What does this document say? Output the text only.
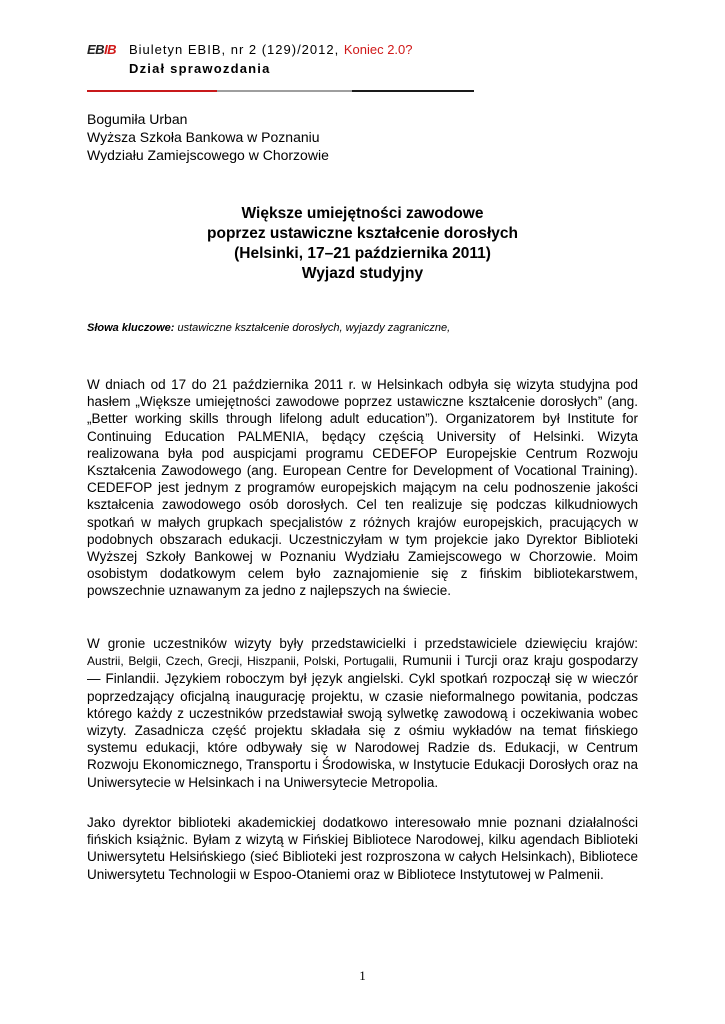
EBIB Biuletyn EBIB, nr 2 (129)/2012, Koniec 2.0?
Dział sprawozdania
Bogumiła Urban
Wyższa Szkoła Bankowa w Poznaniu
Wydziału Zamiejscowego w Chorzowie
Większe umiejętności zawodowe
poprzez ustawiczne kształcenie dorosłych
(Helsinki, 17–21 października 2011)
Wyjazd studyjny
Słowa kluczowe: ustawiczne kształcenie dorosłych, wyjazdy zagraniczne,
W dniach od 17 do 21 października 2011 r. w Helsinkach odbyła się wizyta studyjna pod hasłem „Większe umiejętności zawodowe poprzez ustawiczne kształcenie dorosłych” (ang. „Better working skills through lifelong adult education”). Organizatorem był Institute for Continuing Education PALMENIA, będący częścią University of Helsinki. Wizyta realizowana była pod auspicjami programu CEDEFOP Europejskie Centrum Rozwoju Kształcenia Zawodowego (ang. European Centre for Development of Vocational Training). CEDEFOP jest jednym z programów europejskich mającym na celu podnoszenie jakości kształcenia zawodowego osób dorosłych. Cel ten realizuje się podczas kilkudniowych spotkań w małych grupkach specjalistów z różnych krajów europejskich, pracujących w podobnych obszarach edukacji. Uczestniczyłam w tym projekcie jako Dyrektor Biblioteki Wyższej Szkoły Bankowej w Poznaniu Wydziału Zamiejscowego w Chorzowie. Moim osobistym dodatkowym celem było zaznajomienie się z fińskim bibliotekarstwem, powszechnie uznawanym za jedno z najlepszych na świecie.
W gronie uczestników wizyty były przedstawicielki i przedstawiciele dziewięciu krajów: Austrii, Belgii, Czech, Grecji, Hiszpanii, Polski, Portugalii, Rumunii i Turcji oraz kraju gospodarzy — Finlandii. Językiem roboczym był język angielski. Cykl spotkań rozpoczął się w wieczór poprzedzający oficjalną inaugurację projektu, w czasie nieformalnego powitania, podczas którego każdy z uczestników przedstawiał swoją sylwetkę zawodową i oczekiwania wobec wizyty. Zasadnicza część projektu składała się z ośmiu wykładów na temat fińskiego systemu edukacji, które odbywały się w Narodowej Radzie ds. Edukacji, w Centrum Rozwoju Ekonomicznego, Transportu i Środowiska, w Instytucie Edukacji Dorosłych oraz na Uniwersytecie w Helsinkach i na Uniwersytecie Metropolia.
Jako dyrektor biblioteki akademickiej dodatkowo interesowało mnie poznani działalności fińskich książnic. Byłam z wizytą w Fińskiej Bibliotece Narodowej, kilku agendach Biblioteki Uniwersytetu Helsińskiego (sieć Biblioteki jest rozproszona w całych Helsinkach), Bibliotece Uniwersytetu Technologii w Espoo-Otaniemi oraz w Bibliotece Instytutowej w Palmenii.
1
